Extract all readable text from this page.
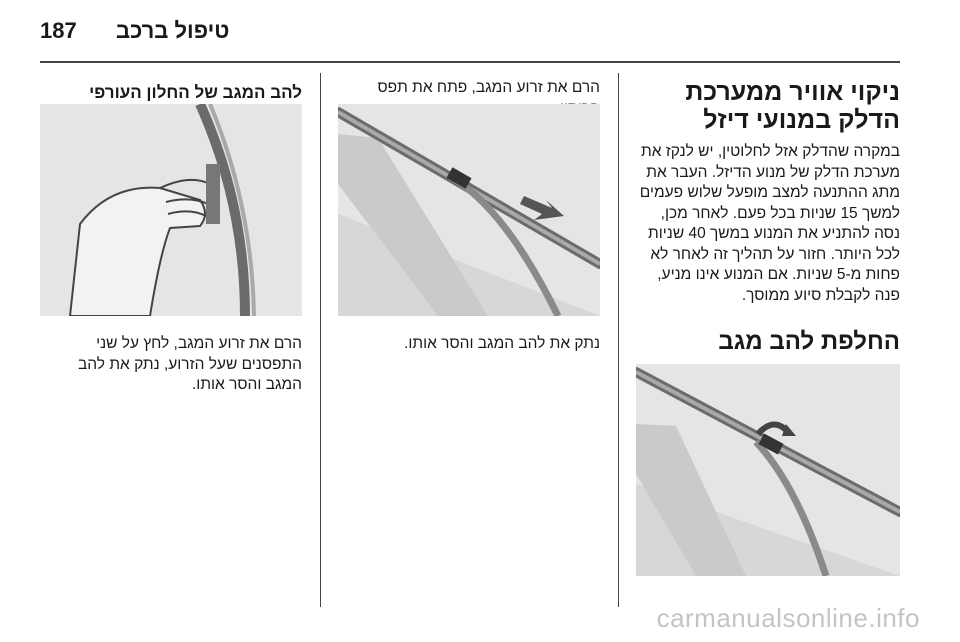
187 טיפול ברכב
ניקוי אוויר ממערכת הדלק במנועי דיזל

במקרה שהדלק אזל לחלוטין, יש לנקז את מערכת הדלק של מנוע הדיזל. העבר את מתג ההתנעה למצב מופעל שלוש פעמים למשך 15 שניות בכל פעם. לאחר מכן, נסה להתניע את המנוע במשך 40 שניות לכל היותר. חזור על תהליך זה לאחר לא פחות מ-5 שניות. אם המנוע אינו מניע, פנה לקבלת סיוע ממוסך.

החלפת להב מגב

הרם את זרוע המגב, פתח את תפס

נתק את להב המגב והסר אותו.

להב המגב של החלון העורפי

הרם את זרוע המגב, לחץ על שני התפסנים שעל הזרוע, נתק את להב המגב והסר אותו.

carmanualsonline.info
